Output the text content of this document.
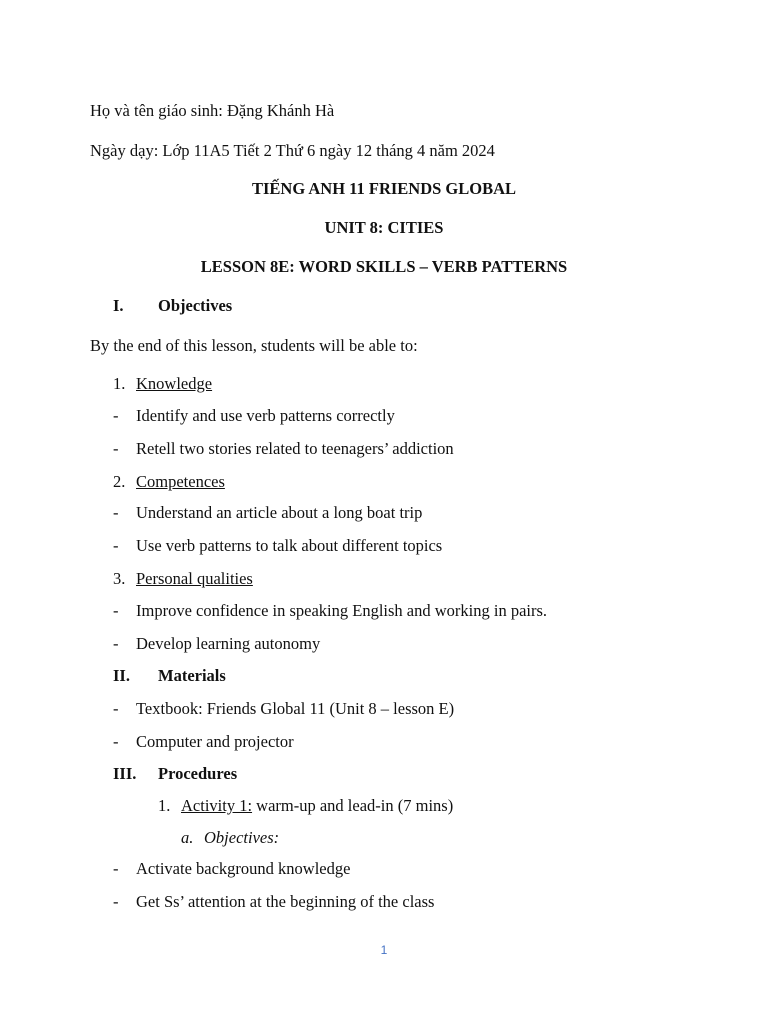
Họ và tên giáo sinh: Đặng Khánh Hà
Ngày dạy: Lớp 11A5 Tiết 2 Thứ 6 ngày 12 tháng 4 năm 2024
TIẾNG ANH 11 FRIENDS GLOBAL
UNIT 8: CITIES
LESSON 8E: WORD SKILLS – VERB PATTERNS
I. Objectives
By the end of this lesson, students will be able to:
1. Knowledge
- Identify and use verb patterns correctly
- Retell two stories related to teenagers’ addiction
2. Competences
- Understand an article about a long boat trip
- Use verb patterns to talk about different topics
3. Personal qualities
- Improve confidence in speaking English and working in pairs.
- Develop learning autonomy
II. Materials
- Textbook: Friends Global 11 (Unit 8 – lesson E)
- Computer and projector
III. Procedures
1. Activity 1: warm-up and lead-in (7 mins)
a. Objectives:
- Activate background knowledge
- Get Ss’ attention at the beginning of the class
1
